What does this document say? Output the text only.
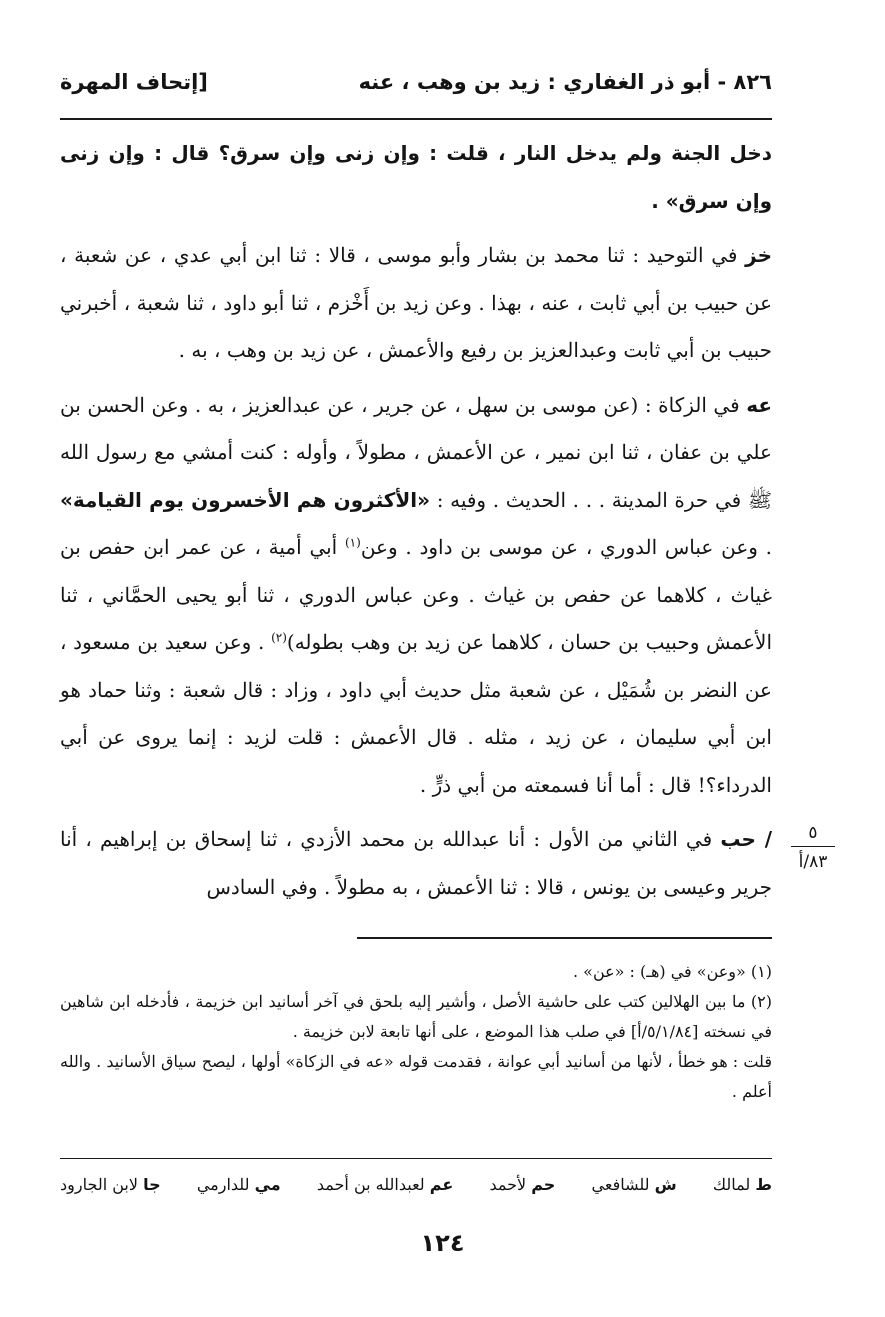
٨٢٦ - أبو ذر الغفاري : زيد بن وهب ، عنه
[إتحاف المهرة

دخل الجنة ولم يدخل النار ، قلت : وإن زنى وإن سرق؟ قال : وإن زنى وإن سرق» .

خز في التوحيد : ثنا محمد بن بشار وأبو موسى ، قالا : ثنا ابن أبي عدي ، عن شعبة ، عن حبيب بن أبي ثابت ، عنه ، بهذا . وعن زيد بن أَخْزم ، ثنا أبو داود ، ثنا شعبة ، أخبرني حبيب بن أبي ثابت وعبدالعزيز بن رفيع والأعمش ، عن زيد بن وهب ، به .

عه في الزكاة : (عن موسى بن سهل ، عن جرير ، عن عبدالعزيز ، به . وعن الحسن بن علي بن عفان ، ثنا ابن نمير ، عن الأعمش ، مطولاً ، وأوله : كنت أمشي مع رسول الله ﷺ في حرة المدينة . . . الحديث . وفيه : «الأكثرون هم الأخسرون يوم القيامة» . وعن عباس الدوري ، عن موسى بن داود . وعن$^{(١)}$ أبي أمية ، عن عمر ابن حفص بن غياث ، كلاهما عن حفص بن غياث . وعن عباس الدوري ، ثنا أبو يحيى الحمَّاني ، ثنا الأعمش وحبيب بن حسان ، كلاهما عن زيد بن وهب بطوله)$^{(٢)}$ . وعن سعيد بن مسعود ، عن النضر بن شُمَيْل ، عن شعبة مثل حديث أبي داود ، وزاد : قال شعبة : وثنا حماد هو ابن أبي سليمان ، عن زيد ، مثله . قال الأعمش : قلت لزيد : إنما يروى عن أبي الدرداء؟! قال : أما أنا فسمعته من أبي ذرٍّ .

/ حب في الثاني من الأول : أنا عبدالله بن محمد الأزدي ، ثنا إسحاق بن إبراهيم ، أنا جرير وعيسى بن يونس ، قالا : ثنا الأعمش ، به مطولاً . وفي السادس

٥
٨٣/أ

(١) «وعن» في (هـ) : «عن» .

(٢) ما بين الهلالين كتب على حاشية الأصل ، وأشير إليه بلحق في آخر أسانيد ابن خزيمة ، فأدخله ابن شاهين في نسخته [٥/١/٨٤/أ] في صلب هذا الموضع ، على أنها تابعة لابن خزيمة .

قلت : هو خطأ ، لأنها من أسانيد أبي عوانة ، فقدمت قوله «عه في الزكاة» أولها ، ليصح سياق الأسانيد . والله أعلم .

ط لمالك
ش للشافعي
حم لأحمد
عم لعبدالله بن أحمد
مي للدارمي
جا لابن الجارود
١٢٤
